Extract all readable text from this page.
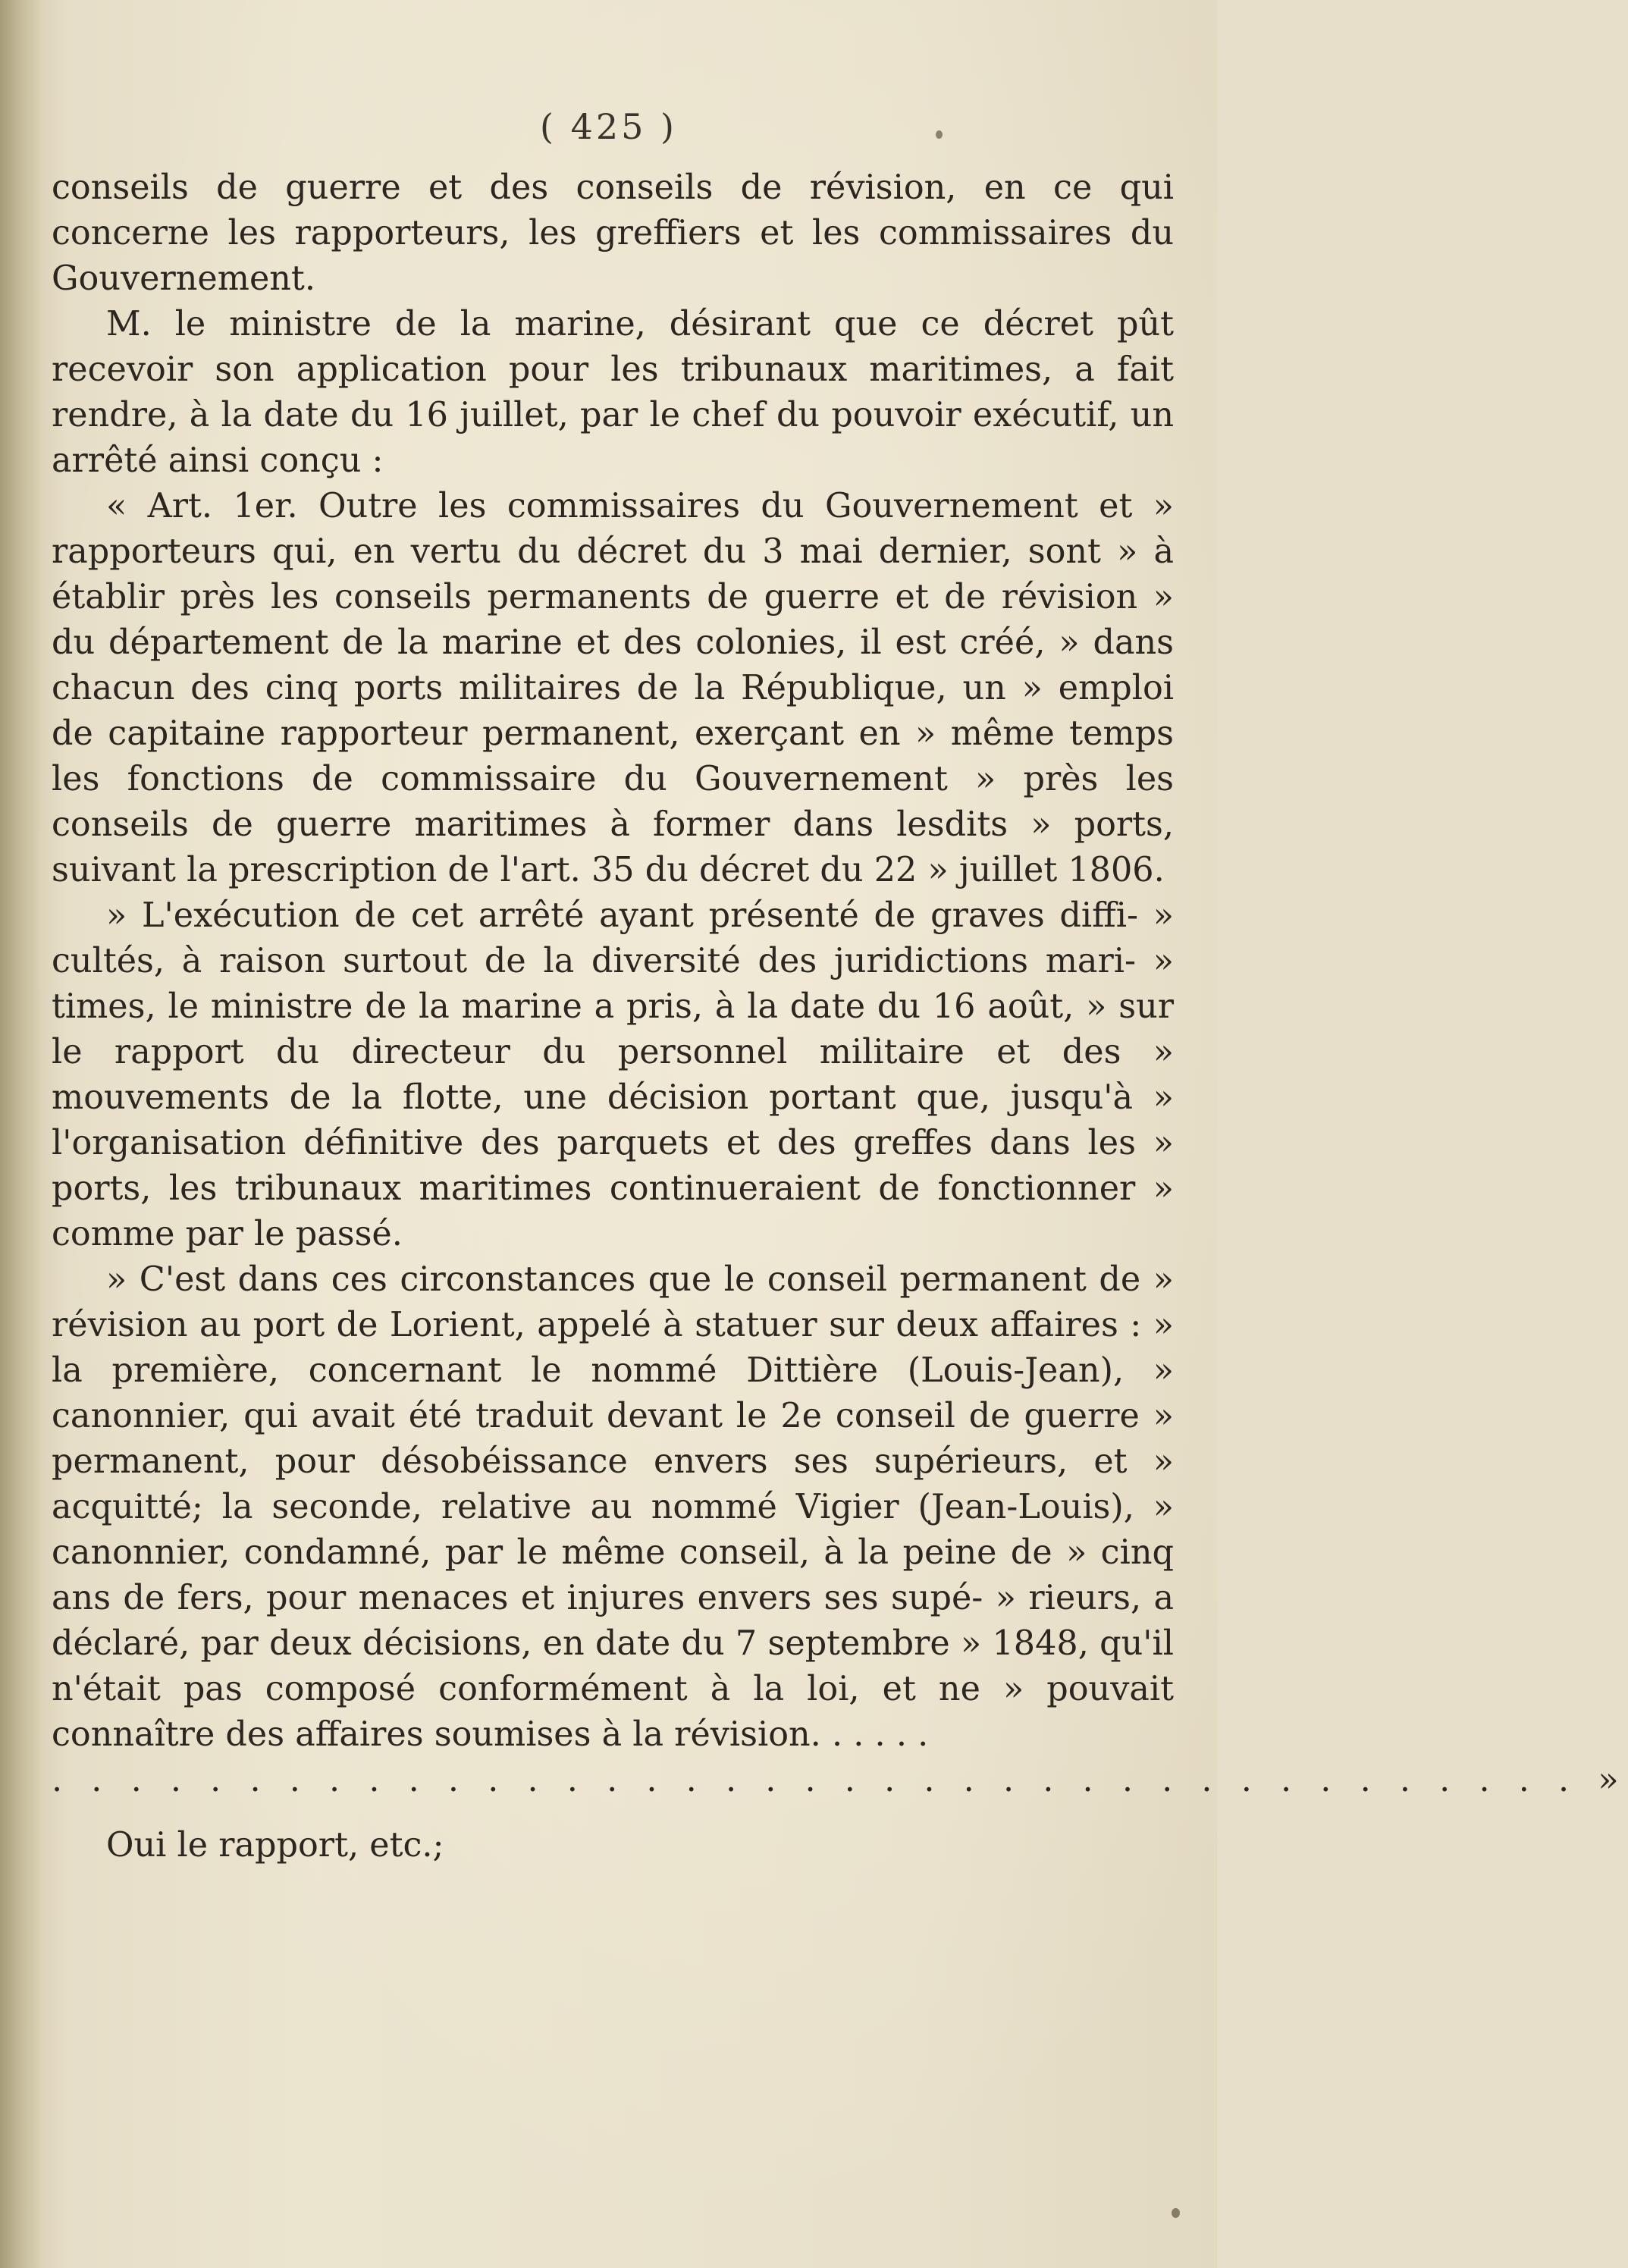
( 425 )

conseils de guerre et des conseils de révision, en ce qui concerne les rapporteurs, les greffiers et les commissaires du Gouvernement.

M. le ministre de la marine, désirant que ce décret pût recevoir son application pour les tribunaux maritimes, a fait rendre, à la date du 16 juillet, par le chef du pouvoir exécutif, un arrêté ainsi conçu :

« Art. 1er. Outre les commissaires du Gouvernement et » rapporteurs qui, en vertu du décret du 3 mai dernier, sont » à établir près les conseils permanents de guerre et de révision » du département de la marine et des colonies, il est créé, » dans chacun des cinq ports militaires de la République, un » emploi de capitaine rapporteur permanent, exerçant en » même temps les fonctions de commissaire du Gouvernement » près les conseils de guerre maritimes à former dans lesdits » ports, suivant la prescription de l'art. 35 du décret du 22 » juillet 1806.

» L'exécution de cet arrêté ayant présenté de graves diffi- » cultés, à raison surtout de la diversité des juridictions mari- » times, le ministre de la marine a pris, à la date du 16 août, » sur le rapport du directeur du personnel militaire et des » mouvements de la flotte, une décision portant que, jusqu'à » l'organisation définitive des parquets et des greffes dans les » ports, les tribunaux maritimes continueraient de fonctionner » comme par le passé.

» C'est dans ces circonstances que le conseil permanent de » révision au port de Lorient, appelé à statuer sur deux affaires : » la première, concernant le nommé Dittière (Louis-Jean), » canonnier, qui avait été traduit devant le 2e conseil de guerre » permanent, pour désobéissance envers ses supérieurs, et » acquitté; la seconde, relative au nommé Vigier (Jean-Louis), » canonnier, condamné, par le même conseil, à la peine de » cinq ans de fers, pour menaces et injures envers ses supé- » rieurs, a déclaré, par deux décisions, en date du 7 septembre » 1848, qu'il n'était pas composé conformément à la loi, et ne » pouvait connaître des affaires soumises à la révision. . . . . .

. . . . . . . . . . . . . . . . . . . . . . . . . . . . . . . . . . . . . . . »

Oui le rapport, etc.;
